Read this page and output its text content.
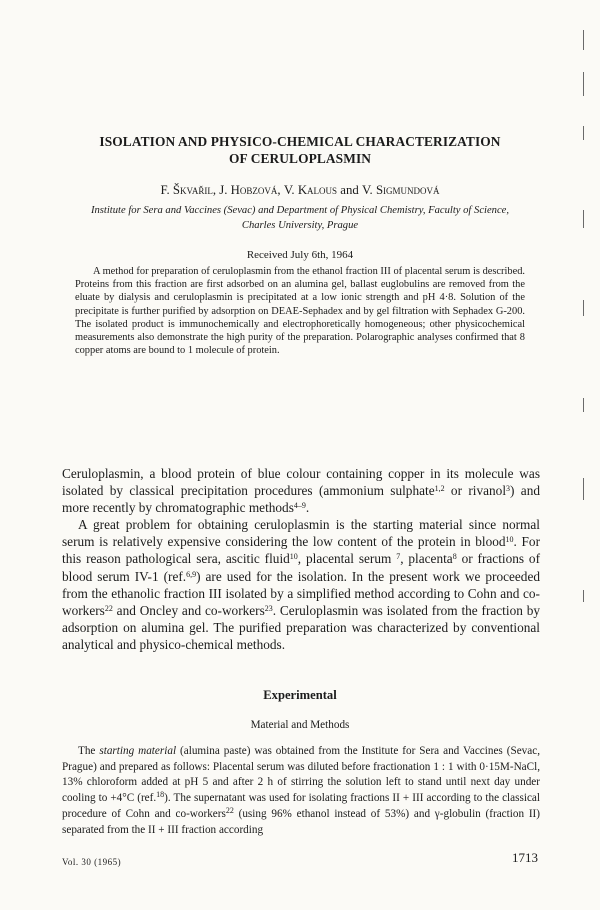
ISOLATION AND PHYSICO-CHEMICAL CHARACTERIZATION
OF CERULOPLASMIN
F. Škvařil, J. Hobzová, V. Kalous and V. Sigmundová
Institute for Sera and Vaccines (Sevac) and Department of Physical Chemistry, Faculty of Science,
Charles University, Prague
Received July 6th, 1964

A method for preparation of ceruloplasmin from the ethanol fraction III of placental serum is described. Proteins from this fraction are first adsorbed on an alumina gel, ballast euglobulins are removed from the eluate by dialysis and ceruloplasmin is precipitated at a low ionic strength and pH 4·8. Solution of the precipitate is further purified by adsorption on DEAE-Sephadex and by gel filtration with Sephadex G-200. The isolated product is immunochemically and electrophoretically homogeneous; other physicochemical measurements also demonstrate the high purity of the preparation. Polarographic analyses confirmed that 8 copper atoms are bound to 1 molecule of protein.

Ceruloplasmin, a blood protein of blue colour containing copper in its molecule was isolated by classical precipitation procedures (ammonium sulphate$^{1,2}$ or rivanol$^3$) and more recently by chromatographic methods$^{4-9}$.

A great problem for obtaining ceruloplasmin is the starting material since normal serum is relatively expensive considering the low content of the protein in blood$^{10}$. For this reason pathological sera, ascitic fluid$^{10}$, placental serum $^7$, placenta$^8$ or fractions of blood serum IV-1 (ref.$^{6,9}$) are used for the isolation. In the present work we proceeded from the ethanolic fraction III isolated by a simplified method according to Cohn and co-workers$^{22}$ and Oncley and co-workers$^{23}$. Ceruloplasmin was isolated from the fraction by adsorption on alumina gel. The purified preparation was characterized by conventional analytical and physico-chemical methods.

Experimental
Material and Methods

The starting material (alumina paste) was obtained from the Institute for Sera and Vaccines (Sevac, Prague) and prepared as follows: Placental serum was diluted before fractionation 1 : 1 with 0·15M-NaCl, 13% chloroform added at pH 5 and after 2 h of stirring the solution left to stand until next day under cooling to +4°C (ref.$^{18}$). The supernatant was used for isolating fractions II + III according to the classical procedure of Cohn and co-workers$^{22}$ (using 96% ethanol instead of 53%) and γ-globulin (fraction II) separated from the II + III fraction according

Vol. 30 (1965)	1713
